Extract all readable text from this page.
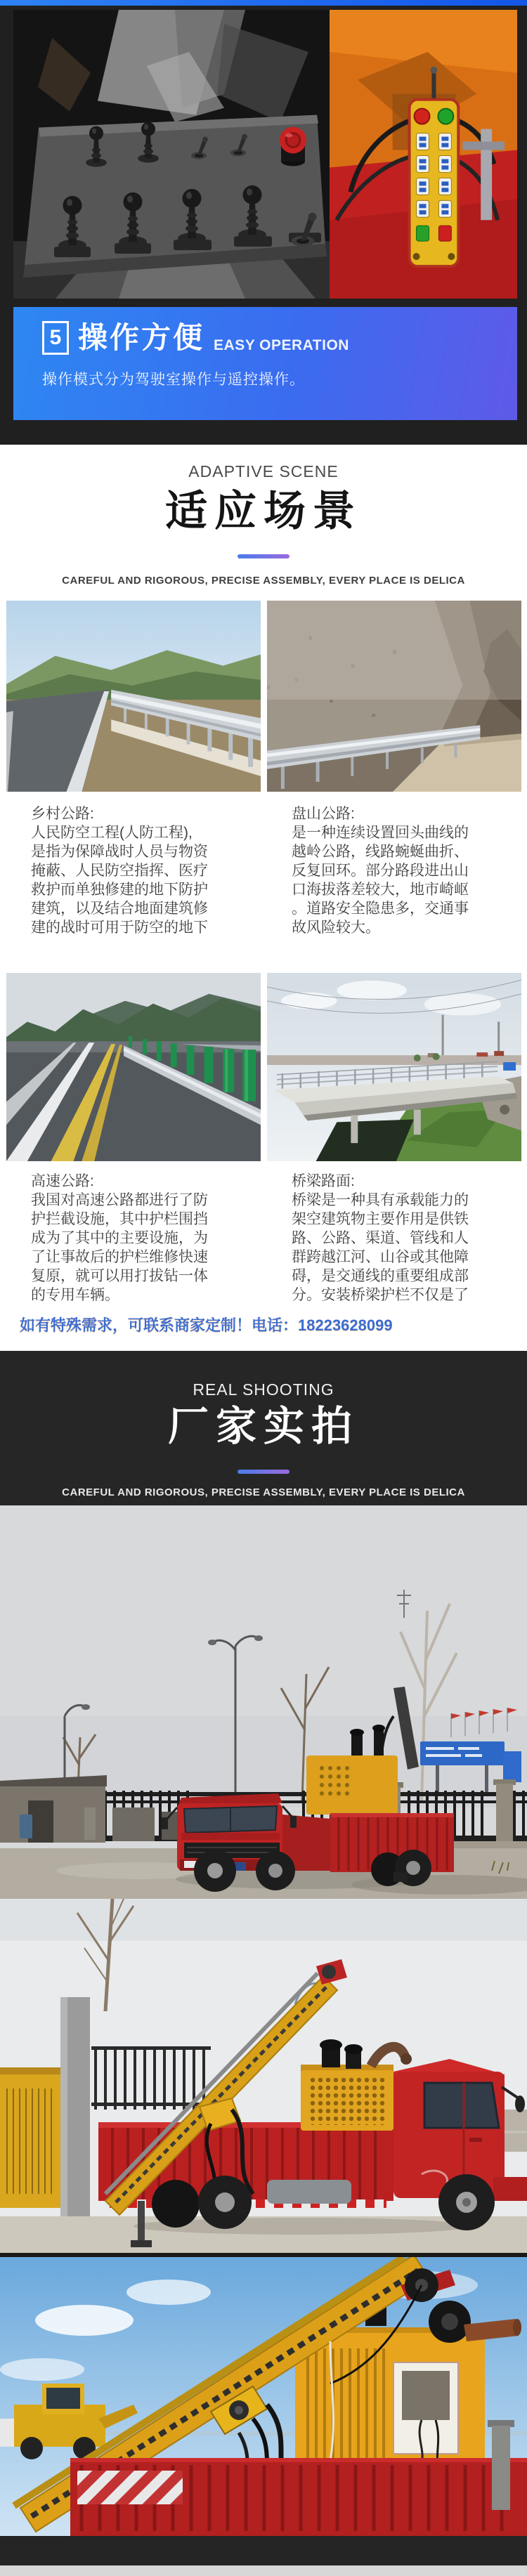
5 操作方便 EASY OPERATION
操作模式分为驾驶室操作与遥控操作。
ADAPTIVE SCENE
适应场景
CAREFUL AND RIGOROUS, PRECISE ASSEMBLY, EVERY PLACE IS DELICA
乡村公路:
人民防空工程(人防工程),
是指为保障战时人员与物资
掩蔽、人民防空指挥、医疗
救护而单独修建的地下防护
建筑，以及结合地面建筑修
建的战时可用于防空的地下
盘山公路:
是一种连续设置回头曲线的
越岭公路，线路蜿蜒曲折、
反复回环。部分路段进出山
口海拔落差较大，地市崎岖
。道路安全隐患多，交通事
故风险较大。
高速公路:
我国对高速公路都进行了防
护拦截设施，其中护栏围挡
成为了其中的主要设施，为
了让事故后的护栏维修快速
复原，就可以用打拔钻一体
的专用车辆。
桥梁路面:
桥梁是一种具有承载能力的
架空建筑物主要作用是供铁
路、公路、渠道、管线和人
群跨越江河、山谷或其他障
碍，是交通线的重要组成部
分。安装桥梁护栏不仅是了
如有特殊需求，可联系商家定制！电话：18223628099
REAL SHOOTING
厂家实拍
CAREFUL AND RIGOROUS, PRECISE ASSEMBLY, EVERY PLACE IS DELICA
